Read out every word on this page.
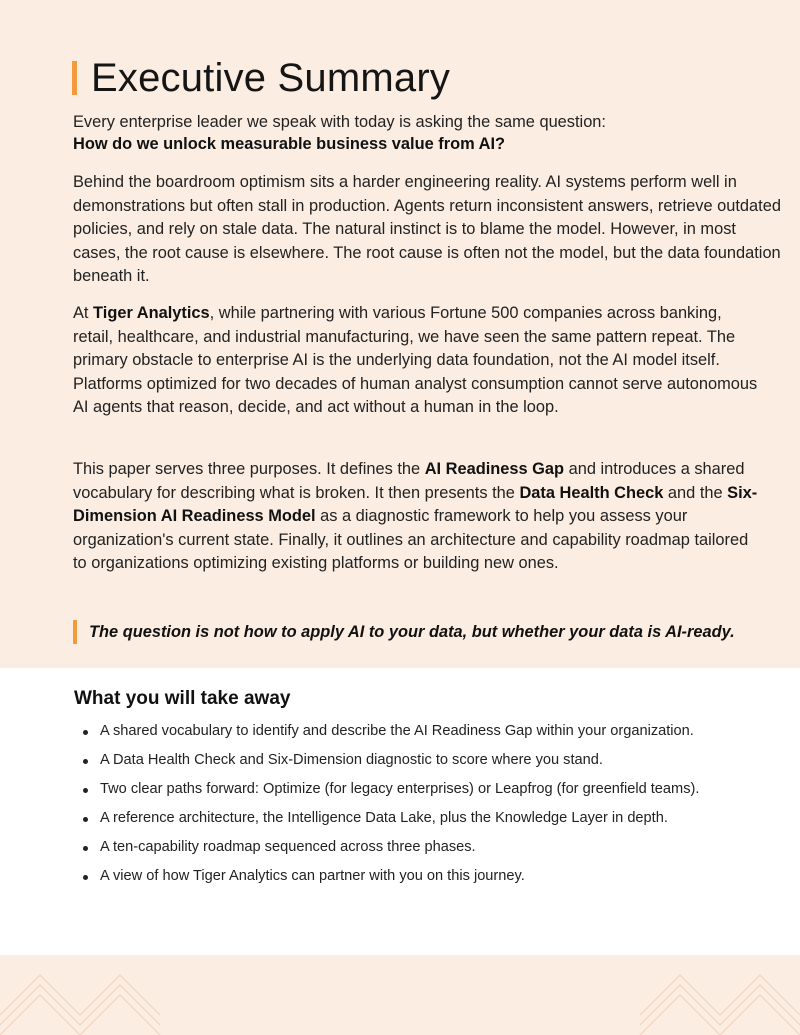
Executive Summary
Every enterprise leader we speak with today is asking the same question:
How do we unlock measurable business value from AI?

Behind the boardroom optimism sits a harder engineering reality. AI systems perform well in demonstrations but often stall in production. Agents return inconsistent answers, retrieve outdated policies, and rely on stale data. The natural instinct is to blame the model. However, in most cases, the root cause is elsewhere. The root cause is often not the model, but the data foundation beneath it.

At Tiger Analytics, while partnering with various Fortune 500 companies across banking, retail, healthcare, and industrial manufacturing, we have seen the same pattern repeat. The primary obstacle to enterprise AI is the underlying data foundation, not the AI model itself. Platforms optimized for two decades of human analyst consumption cannot serve autonomous AI agents that reason, decide, and act without a human in the loop.

This paper serves three purposes. It defines the AI Readiness Gap and introduces a shared vocabulary for describing what is broken. It then presents the Data Health Check and the Six-Dimension AI Readiness Model as a diagnostic framework to help you assess your organization's current state. Finally, it outlines an architecture and capability roadmap tailored to organizations optimizing existing platforms or building new ones.

The question is not how to apply AI to your data, but whether your data is AI-ready.
What you will take away
A shared vocabulary to identify and describe the AI Readiness Gap within your organization.
A Data Health Check and Six-Dimension diagnostic to score where you stand.
Two clear paths forward: Optimize (for legacy enterprises) or Leapfrog (for greenfield teams).
A reference architecture, the Intelligence Data Lake, plus the Knowledge Layer in depth.
A ten-capability roadmap sequenced across three phases.
A view of how Tiger Analytics can partner with you on this journey.
